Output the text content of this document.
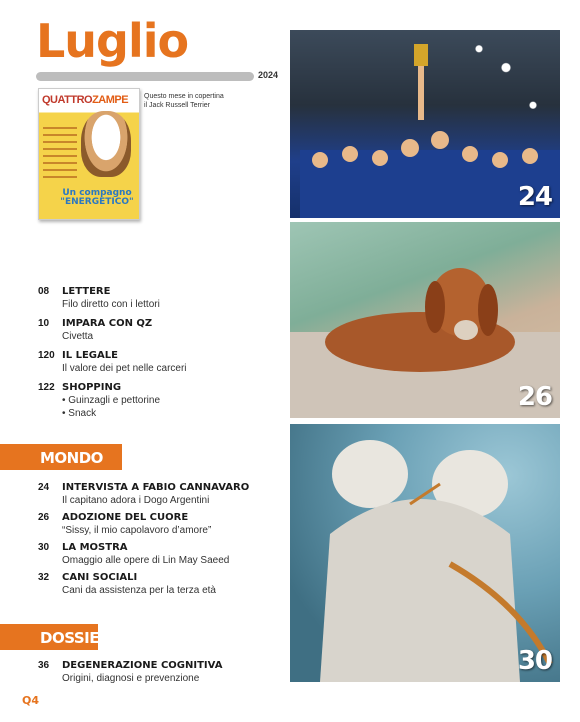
Luglio
2024
QUATTROZAMPE
Un compagno "ENERGETICO"
Questo mese in copertina il Jack Russell Terrier
08 LETTERE
Filo diretto con i lettori
10 IMPARA CON QZ
Civetta
120 IL LEGALE
Il valore dei pet nelle carceri
122 SHOPPING
• Guinzagli e pettorine
• Snack
MONDO PET
24 INTERVISTA A FABIO CANNAVARO
Il capitano adora i Dogo Argentini
26 ADOZIONE DEL CUORE
“Sissy, il mio capolavoro d’amore”
30 LA MOSTRA
Omaggio alle opere di Lin May Saeed
32 CANI SOCIALI
Cani da assistenza per la terza età
DOSSIER
36 DEGENERAZIONE COGNITIVA
Origini, diagnosi e prevenzione
24
26
30
Q4
